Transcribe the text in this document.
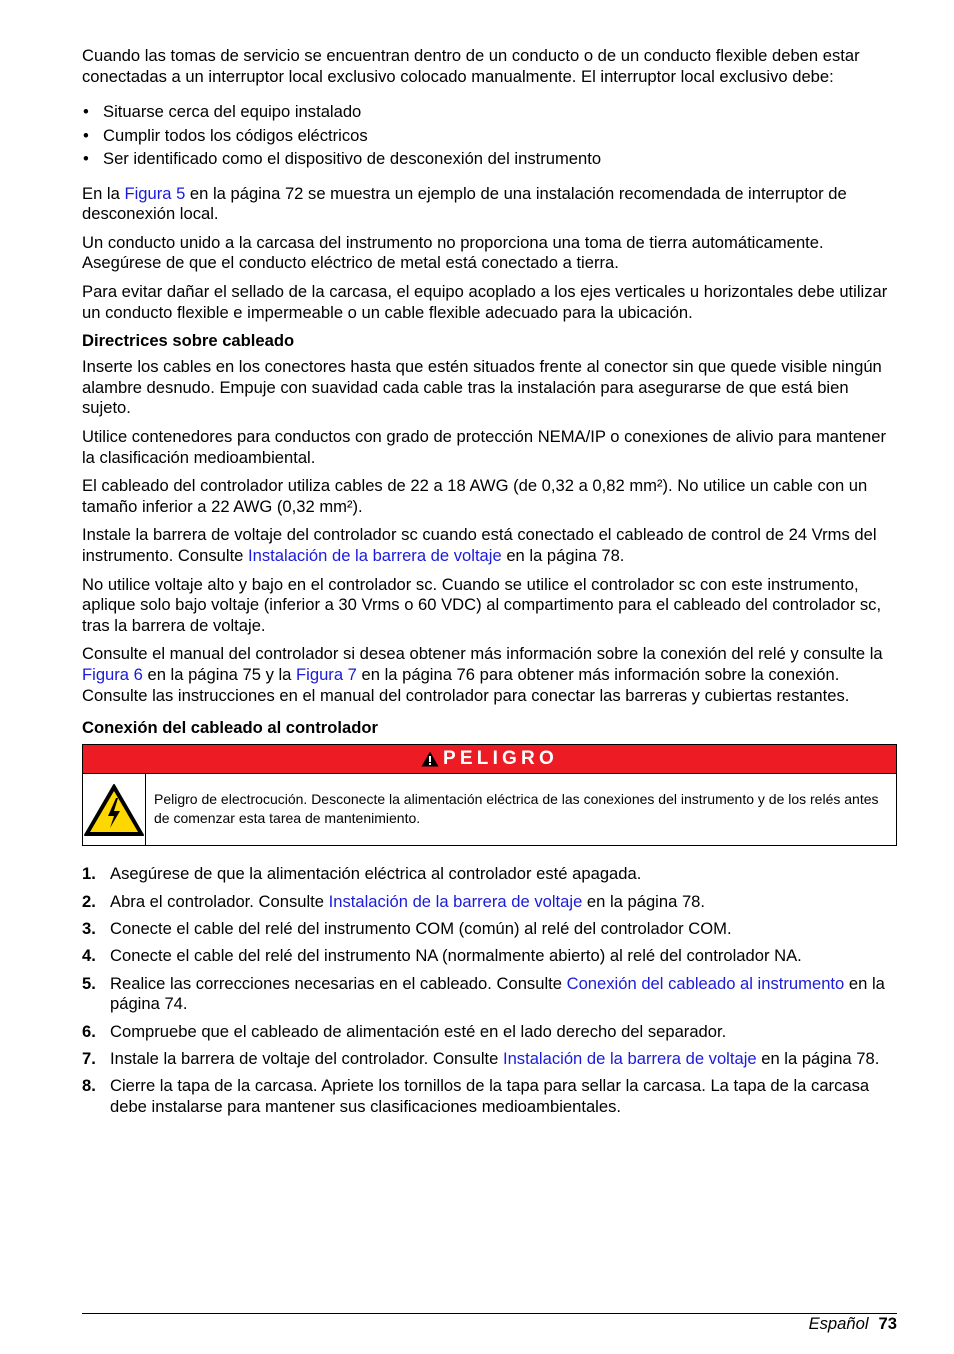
Cuando las tomas de servicio se encuentran dentro de un conducto o de un conducto flexible deben estar conectadas a un interruptor local exclusivo colocado manualmente. El interruptor local exclusivo debe:

• Situarse cerca del equipo instalado
• Cumplir todos los códigos eléctricos
• Ser identificado como el dispositivo de desconexión del instrumento

En la Figura 5 en la página 72 se muestra un ejemplo de una instalación recomendada de interruptor de desconexión local.

Un conducto unido a la carcasa del instrumento no proporciona una toma de tierra automáticamente. Asegúrese de que el conducto eléctrico de metal está conectado a tierra.

Para evitar dañar el sellado de la carcasa, el equipo acoplado a los ejes verticales u horizontales debe utilizar un conducto flexible e impermeable o un cable flexible adecuado para la ubicación.

Directrices sobre cableado

Inserte los cables en los conectores hasta que estén situados frente al conector sin que quede visible ningún alambre desnudo. Empuje con suavidad cada cable tras la instalación para asegurarse de que está bien sujeto.

Utilice contenedores para conductos con grado de protección NEMA/IP o conexiones de alivio para mantener la clasificación medioambiental.

El cableado del controlador utiliza cables de 22 a 18 AWG (de 0,32 a 0,82 mm²). No utilice un cable con un tamaño inferior a 22 AWG (0,32 mm²).

Instale la barrera de voltaje del controlador sc cuando está conectado el cableado de control de 24 Vrms del instrumento. Consulte Instalación de la barrera de voltaje en la página 78.

No utilice voltaje alto y bajo en el controlador sc. Cuando se utilice el controlador sc con este instrumento, aplique solo bajo voltaje (inferior a 30 Vrms o 60 VDC) al compartimento para el cableado del controlador sc, tras la barrera de voltaje.

Consulte el manual del controlador si desea obtener más información sobre la conexión del relé y consulte la Figura 6 en la página 75 y la Figura 7 en la página 76 para obtener más información sobre la conexión. Consulte las instrucciones en el manual del controlador para conectar las barreras y cubiertas restantes.

Conexión del cableado al controlador
PELIGRO
Peligro de electrocución. Desconecte la alimentación eléctrica de las conexiones del instrumento y de los relés antes de comenzar esta tarea de mantenimiento.
1. Asegúrese de que la alimentación eléctrica al controlador esté apagada.
2. Abra el controlador. Consulte Instalación de la barrera de voltaje en la página 78.
3. Conecte el cable del relé del instrumento COM (común) al relé del controlador COM.
4. Conecte el cable del relé del instrumento NA (normalmente abierto) al relé del controlador NA.
5. Realice las correcciones necesarias en el cableado. Consulte Conexión del cableado al instrumento en la página 74.
6. Compruebe que el cableado de alimentación esté en el lado derecho del separador.
7. Instale la barrera de voltaje del controlador. Consulte Instalación de la barrera de voltaje en la página 78.
8. Cierre la tapa de la carcasa. Apriete los tornillos de la tapa para sellar la carcasa. La tapa de la carcasa debe instalarse para mantener sus clasificaciones medioambientales.
Español 73
